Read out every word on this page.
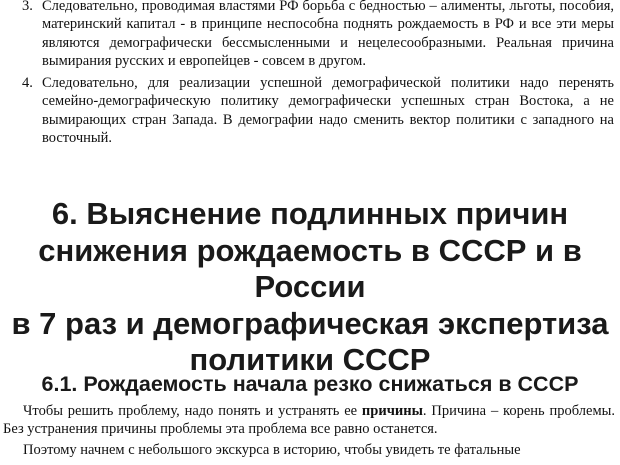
3. Следовательно, проводимая властями РФ борьба с бедностью – алименты, льготы, пособия, материнский капитал - в принципе неспособна поднять рождаемость в РФ и все эти меры являются демографически бессмысленными и нецелесообразными. Реальная причина вымирания русских и европейцев - совсем в другом.
4. Следовательно, для реализации успешной демографической политики надо перенять семейно-демографическую политику демографически успешных стран Востока, а не вымирающих стран Запада. В демографии надо сменить вектор политики с западного на восточный.
6. Выяснение подлинных причин
снижения рождаемость в СССР и в России
в 7 раз и демографическая экспертиза
политики СССР
6.1. Рождаемость начала резко снижаться в СССР
Чтобы решить проблему, надо понять и устранять ее причины. Причина – корень проблемы. Без устранения причины проблемы эта проблема все равно останется.
Поэтому начнем с небольшого экскурса в историю, чтобы увидеть те фатальные
